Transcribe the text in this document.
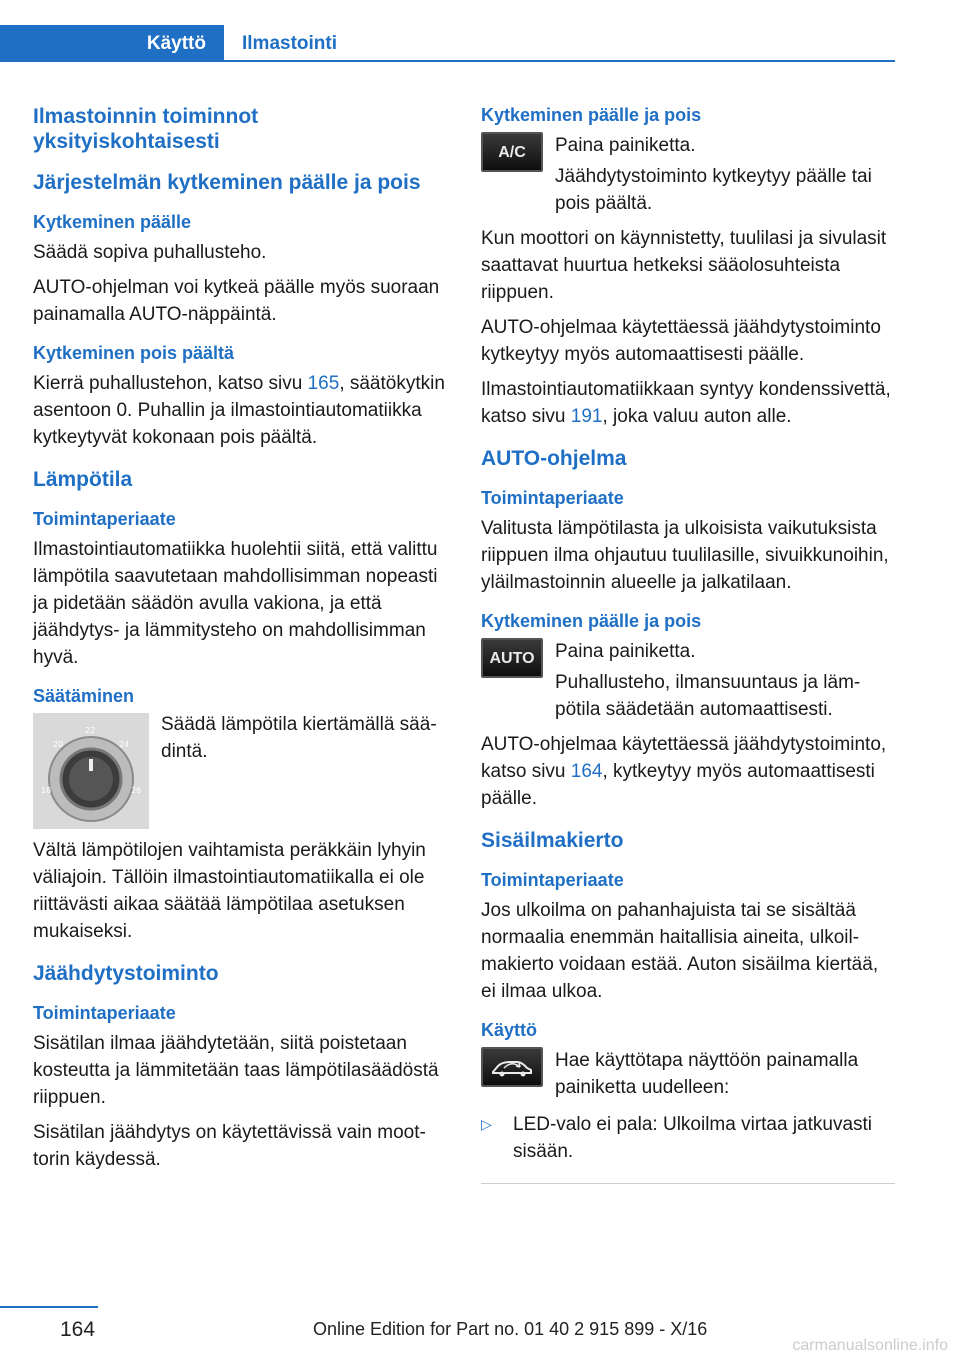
Käyttö	Ilmastointi
Ilmastoinnin toiminnot yksityiskohtaisesti
Järjestelmän kytkeminen päälle ja pois
Kytkeminen päälle
Säädä sopiva puhallusteho.
AUTO-ohjelman voi kytkeä päälle myös suoraan painamalla AUTO-näppäintä.
Kytkeminen pois päältä
Kierrä puhallustehon, katso sivu 165, säätökytkin asentoon 0. Puhallin ja ilmastointiautomatiikka kytkeytyvät kokonaan pois päältä.
Lämpötila
Toimintaperiaate
Ilmastointiautomatiikka huolehtii siitä, että valittu lämpötila saavutetaan mahdollisimman nopeasti ja pidetään säädön avulla vakiona, ja että jäähdytys- ja lämmitysteho on mahdollisimman hyvä.
Säätäminen
18
20
22
24
26
Säädä lämpötila kiertämällä säädintä.
Vältä lämpötilojen vaihtamista peräkkäin lyhyin väliajoin. Tällöin ilmastointiautomatiikalla ei ole riittävästi aikaa säätää lämpötilaa asetuksen mukaiseksi.
Jäähdytystoiminto
Toimintaperiaate
Sisätilan ilmaa jäähdytetään, siitä poistetaan kosteutta ja lämmitetään taas lämpötilasäädöstä riippuen.
Sisätilan jäähdytys on käytettävissä vain moottorin käydessä.
Kytkeminen päälle ja pois
A/C	Paina painiketta.
Jäähdytystoiminto kytkeytyy päälle tai pois päältä.
Kun moottori on käynnistetty, tuulilasi ja sivulasit saattavat huurtua hetkeksi sääolosuhteista riippuen.
AUTO-ohjelmaa käytettäessä jäähdytystoiminto kytkeytyy myös automaattisesti päälle.
Ilmastointiautomatiikkaan syntyy kondenssivettä, katso sivu 191, joka valuu auton alle.
AUTO-ohjelma
Toimintaperiaate
Valitusta lämpötilasta ja ulkoisista vaikutuksista riippuen ilma ohjautuu tuulilasille, sivuikkunoihin, yläilmastoinnin alueelle ja jalkatilaan.
Kytkeminen päälle ja pois
AUTO	Paina painiketta.
Puhallusteho, ilmansuuntaus ja lämpötila säädetään automaattisesti.
AUTO-ohjelmaa käytettäessä jäähdytystoiminto, katso sivu 164, kytkeytyy myös automaattisesti päälle.
Sisäilmakierto
Toimintaperiaate
Jos ulkoilma on pahanhajuista tai se sisältää normaalia enemmän haitallisia aineita, ulkoilmakierto voidaan estää. Auton sisäilma kiertää, ei ilmaa ulkoa.
Käyttö
Hae käyttötapa näyttöön painamalla painiketta uudelleen:
▷	LED-valo ei pala: Ulkoilma virtaa jatkuvasti sisään.
164	Online Edition for Part no. 01 40 2 915 899 - X/16
carmanualsonline.info
